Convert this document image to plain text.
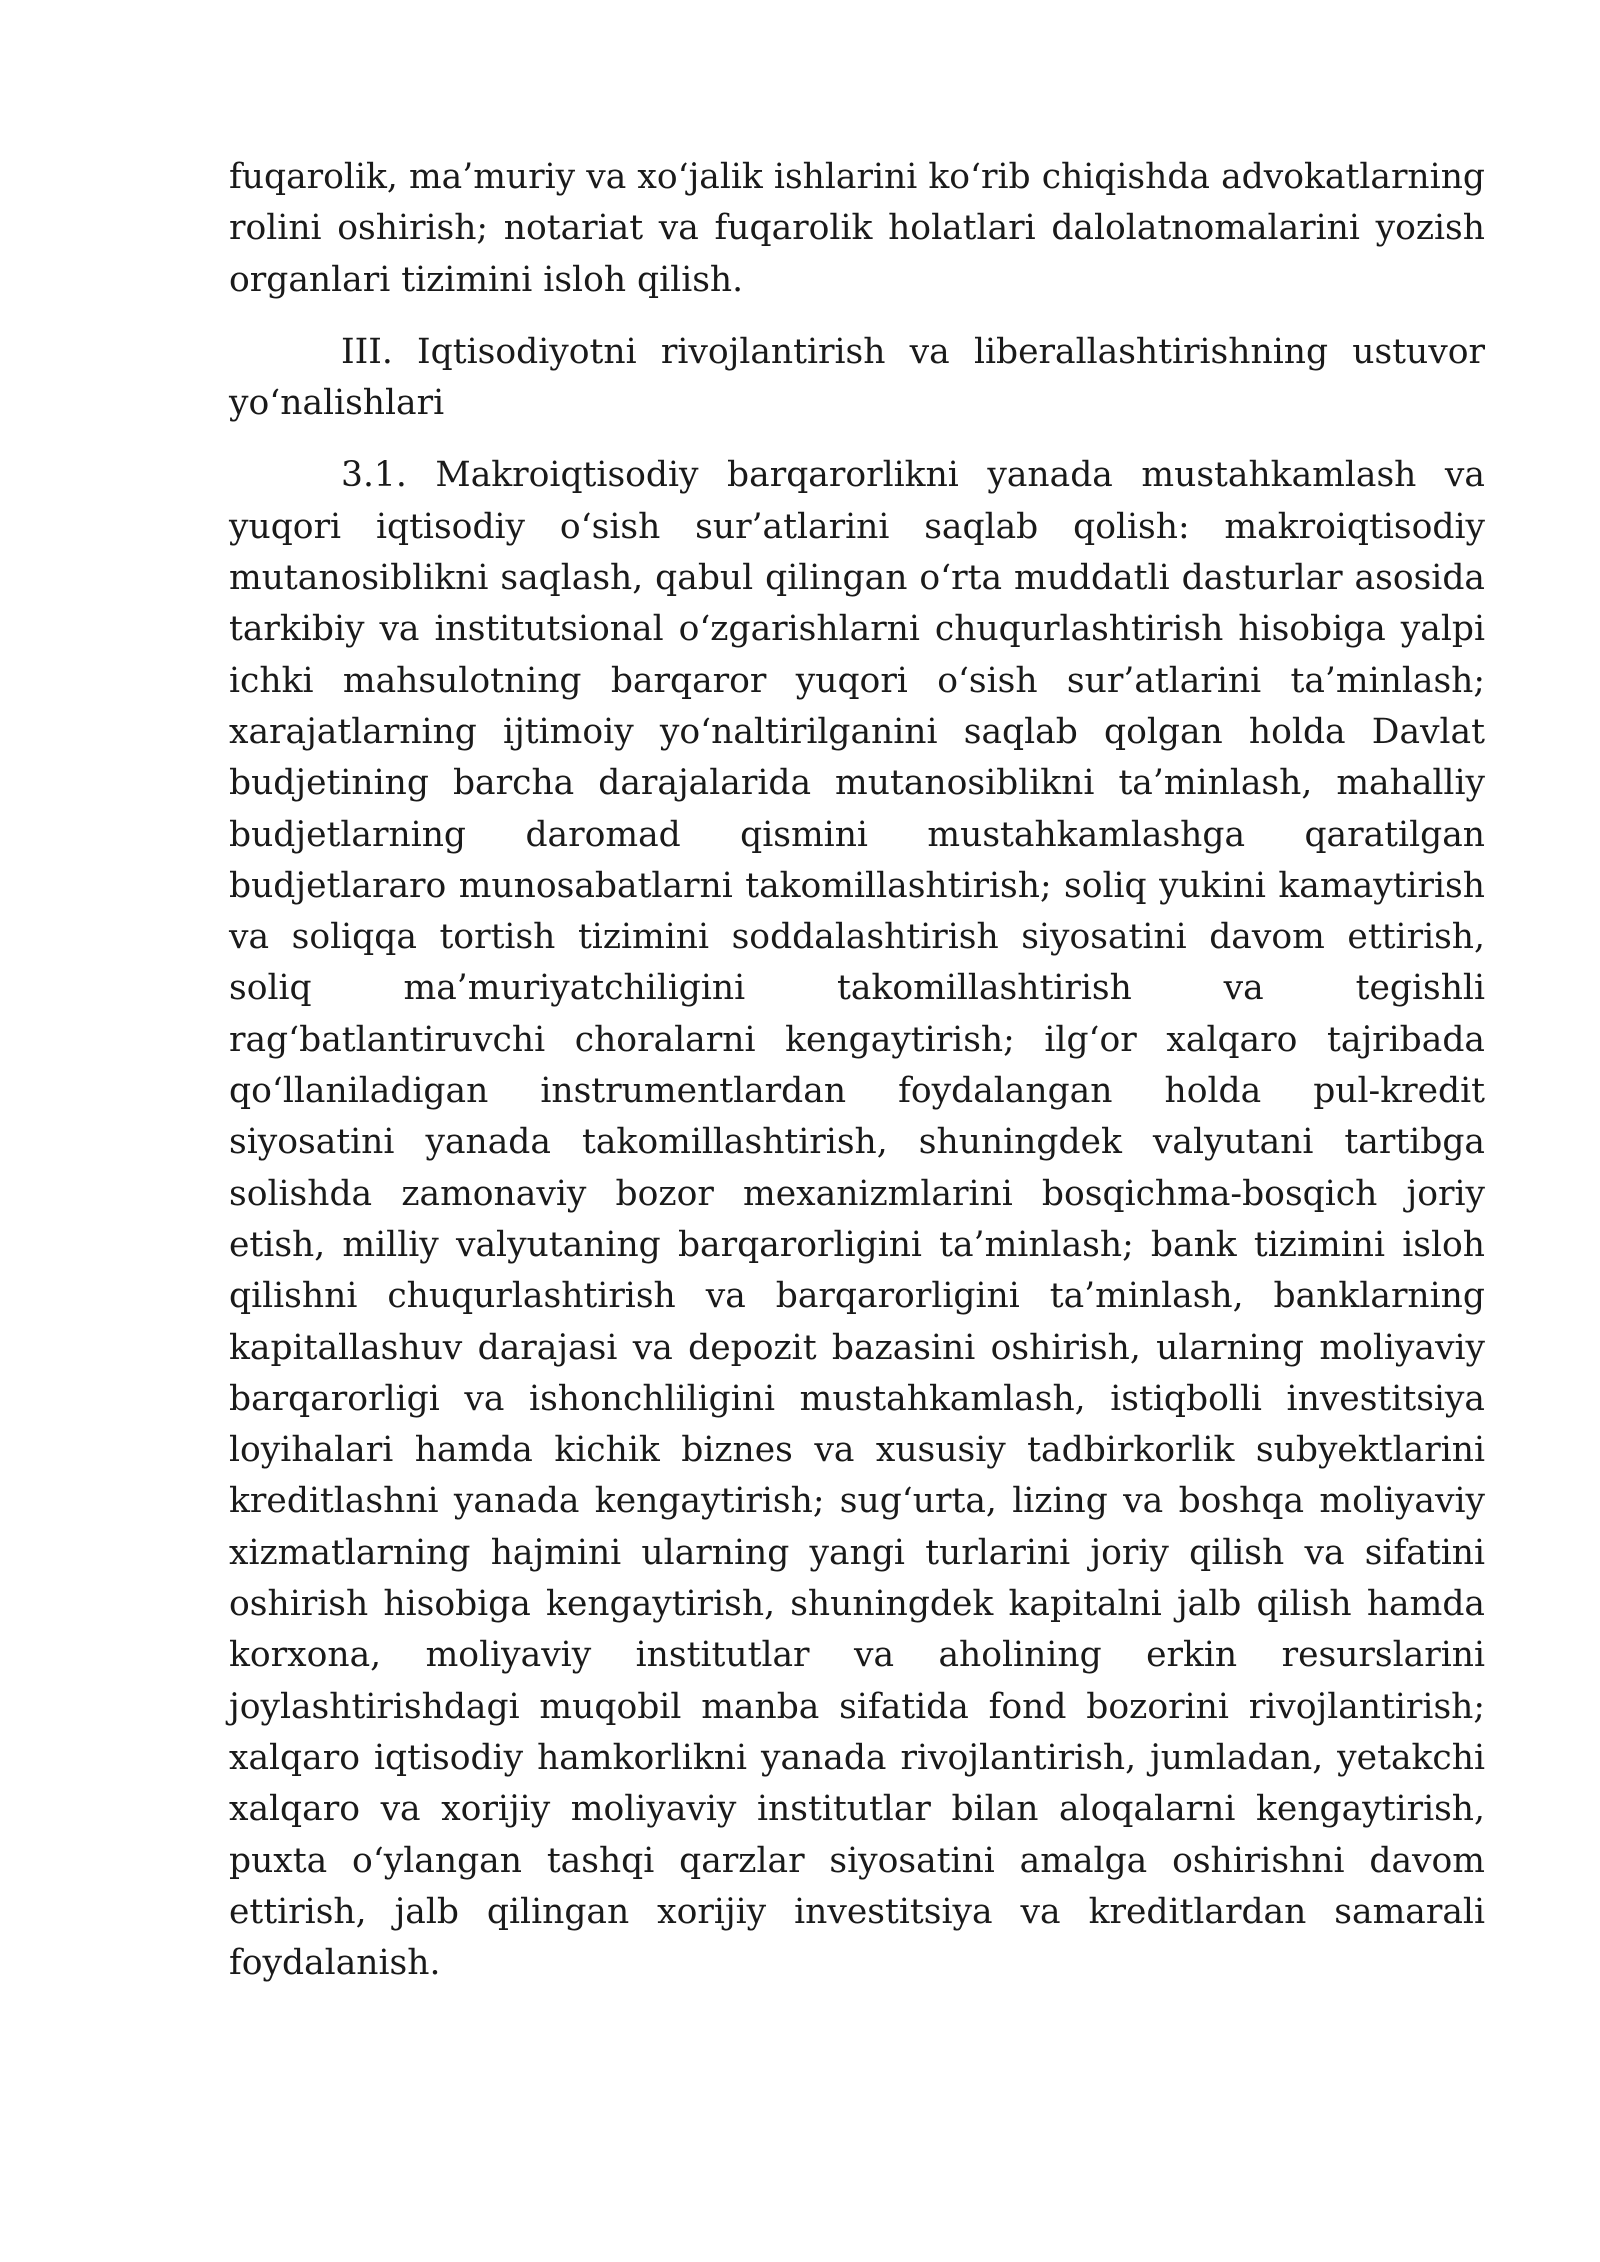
fuqarolik, ma’muriy va xo‘jalik ishlarini ko‘rib chiqishda advokatlarning rolini oshirish; notariat va fuqarolik holatlari dalolatnomalarini yozish organlari tizimini isloh qilish.

III. Iqtisodiyotni rivojlantirish va liberallashtirishning ustuvor yo‘nalishlari

3.1. Makroiqtisodiy barqarorlikni yanada mustahkamlash va yuqori iqtisodiy o‘sish sur’atlarini saqlab qolish: makroiqtisodiy mutanosiblikni saqlash, qabul qilingan o‘rta muddatli dasturlar asosida tarkibiy va institutsional o‘zgarishlarni chuqurlashtirish hisobiga yalpi ichki mahsulotning barqaror yuqori o‘sish sur’atlarini ta’minlash; xarajatlarning ijtimoiy yo‘naltirilganini saqlab qolgan holda Davlat budjetining barcha darajalarida mutanosiblikni ta’minlash, mahalliy budjetlarning daromad qismini mustahkamlashga qaratilgan budjetlararo munosabatlarni takomillashtirish; soliq yukini kamaytirish va soliqqa tortish tizimini soddalashtirish siyosatini davom ettirish, soliq ma’muriyatchiligini takomillashtirish va tegishli rag‘batlantiruvchi choralarni kengaytirish; ilg‘or xalqaro tajribada qo‘llaniladigan instrumentlardan foydalangan holda pul-kredit siyosatini yanada takomillashtirish, shuningdek valyutani tartibga solishda zamonaviy bozor mexanizmlarini bosqichma-bosqich joriy etish, milliy valyutaning barqarorligini ta’minlash; bank tizimini isloh qilishni chuqurlashtirish va barqarorligini ta’minlash, banklarning kapitallashuv darajasi va depozit bazasini oshirish, ularning moliyaviy barqarorligi va ishonchliligini mustahkamlash, istiqbolli investitsiya loyihalari hamda kichik biznes va xususiy tadbirkorlik subyektlarini kreditlashni yanada kengaytirish; sug‘urta, lizing va boshqa moliyaviy xizmatlarning hajmini ularning yangi turlarini joriy qilish va sifatini oshirish hisobiga kengaytirish, shuningdek kapitalni jalb qilish hamda korxona, moliyaviy institutlar va aholining erkin resurslarini joylashtirishdagi muqobil manba sifatida fond bozorini rivojlantirish; xalqaro iqtisodiy hamkorlikni yanada rivojlantirish, jumladan, yetakchi xalqaro va xorijiy moliyaviy institutlar bilan aloqalarni kengaytirish, puxta o‘ylangan tashqi qarzlar siyosatini amalga oshirishni davom ettirish, jalb qilingan xorijiy investitsiya va kreditlardan samarali foydalanish.
